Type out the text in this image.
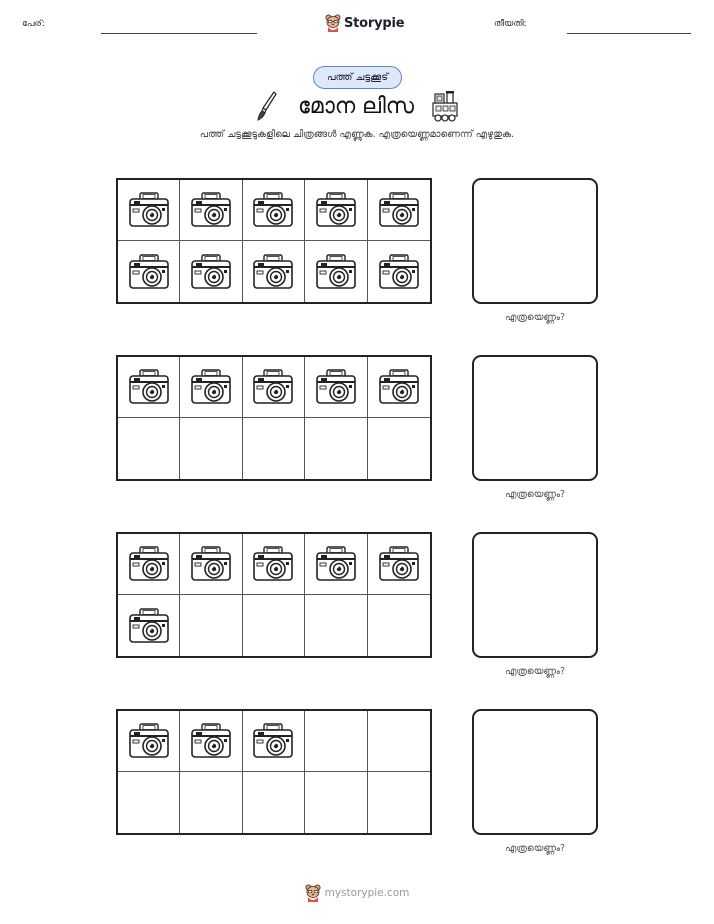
പേര്:	Storypie	തീയതി:
പത്ത് ചട്ടക്കൂട്
മോന ലിസ
പത്ത് ചട്ടക്കൂടുകളിലെ ചിത്രങ്ങൾ എണ്ണുക. എത്രയെണ്ണമാണെന്ന് എഴുതുക.
എത്രയെണ്ണം?
എത്രയെണ്ണം?
എത്രയെണ്ണം?
എത്രയെണ്ണം?
mystorypie.com
